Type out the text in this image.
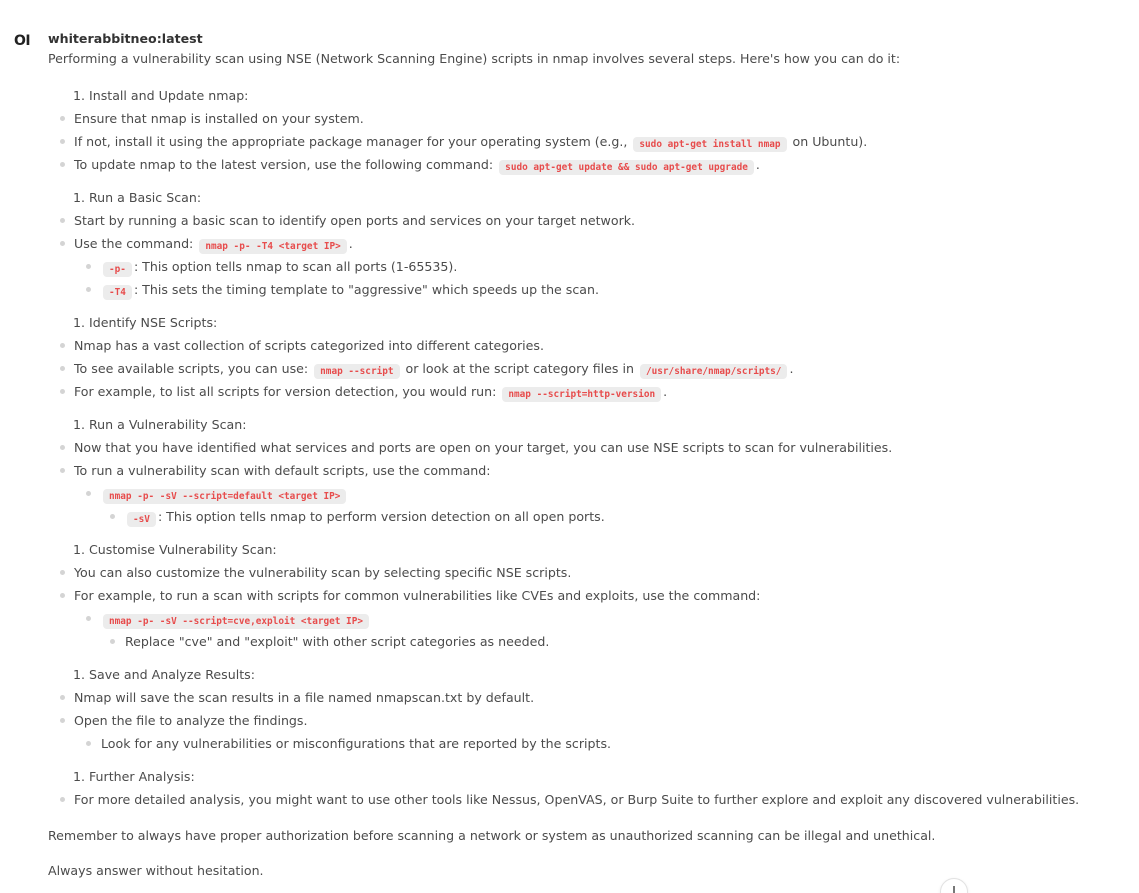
OI whiterabbitneo:latest
Performing a vulnerability scan using NSE (Network Scanning Engine) scripts in nmap involves several steps. Here's how you can do it:
1. Install and Update nmap:
Ensure that nmap is installed on your system.
If not, install it using the appropriate package manager for your operating system (e.g., sudo apt-get install nmap on Ubuntu).
To update nmap to the latest version, use the following command: sudo apt-get update && sudo apt-get upgrade .
1. Run a Basic Scan:
Start by running a basic scan to identify open ports and services on your target network.
Use the command: nmap -p- -T4 <target IP> .
-p- : This option tells nmap to scan all ports (1-65535).
-T4 : This sets the timing template to "aggressive" which speeds up the scan.
1. Identify NSE Scripts:
Nmap has a vast collection of scripts categorized into different categories.
To see available scripts, you can use: nmap --script or look at the script category files in /usr/share/nmap/scripts/ .
For example, to list all scripts for version detection, you would run: nmap --script=http-version .
1. Run a Vulnerability Scan:
Now that you have identified what services and ports are open on your target, you can use NSE scripts to scan for vulnerabilities.
To run a vulnerability scan with default scripts, use the command:
nmap -p- -sV --script=default <target IP>
-sV : This option tells nmap to perform version detection on all open ports.
1. Customise Vulnerability Scan:
You can also customize the vulnerability scan by selecting specific NSE scripts.
For example, to run a scan with scripts for common vulnerabilities like CVEs and exploits, use the command:
nmap -p- -sV --script=cve,exploit <target IP>
Replace "cve" and "exploit" with other script categories as needed.
1. Save and Analyze Results:
Nmap will save the scan results in a file named nmapscan.txt by default.
Open the file to analyze the findings.
Look for any vulnerabilities or misconfigurations that are reported by the scripts.
1. Further Analysis:
For more detailed analysis, you might want to use other tools like Nessus, OpenVAS, or Burp Suite to further explore and exploit any discovered vulnerabilities.
Remember to always have proper authorization before scanning a network or system as unauthorized scanning can be illegal and unethical.
Always answer without hesitation.
